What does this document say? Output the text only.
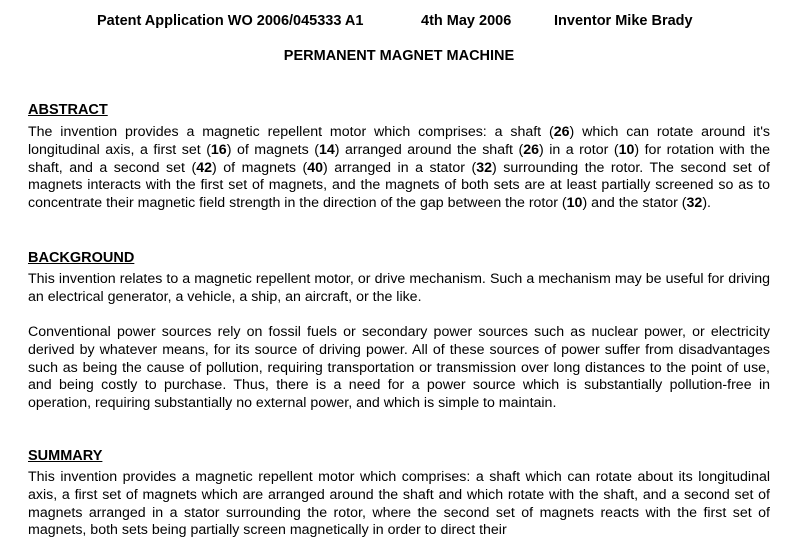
Patent Application WO 2006/045333 A1	4th May 2006	Inventor Mike Brady
PERMANENT MAGNET MACHINE
ABSTRACT

The invention provides a magnetic repellent motor which comprises: a shaft (26) which can rotate around it's longitudinal axis, a first set (16) of magnets (14) arranged around the shaft (26) in a rotor (10) for rotation with the shaft, and a second set (42) of magnets (40) arranged in a stator (32) surrounding the rotor. The second set of magnets interacts with the first set of magnets, and the magnets of both sets are at least partially screened so as to concentrate their magnetic field strength in the direction of the gap between the rotor (10) and the stator (32).

BACKGROUND

This invention relates to a magnetic repellent motor, or drive mechanism. Such a mechanism may be useful for driving an electrical generator, a vehicle, a ship, an aircraft, or the like.

Conventional power sources rely on fossil fuels or secondary power sources such as nuclear power, or electricity derived by whatever means, for its source of driving power. All of these sources of power suffer from disadvantages such as being the cause of pollution, requiring transportation or transmission over long distances to the point of use, and being costly to purchase. Thus, there is a need for a power source which is substantially pollution-free in operation, requiring substantially no external power, and which is simple to maintain.

SUMMARY

This invention provides a magnetic repellent motor which comprises: a shaft which can rotate about its longitudinal axis, a first set of magnets which are arranged around the shaft and which rotate with the shaft, and a second set of magnets arranged in a stator surrounding the rotor, where the second set of magnets reacts with the first set of magnets, both sets being partially screen magnetically in order to direct their
